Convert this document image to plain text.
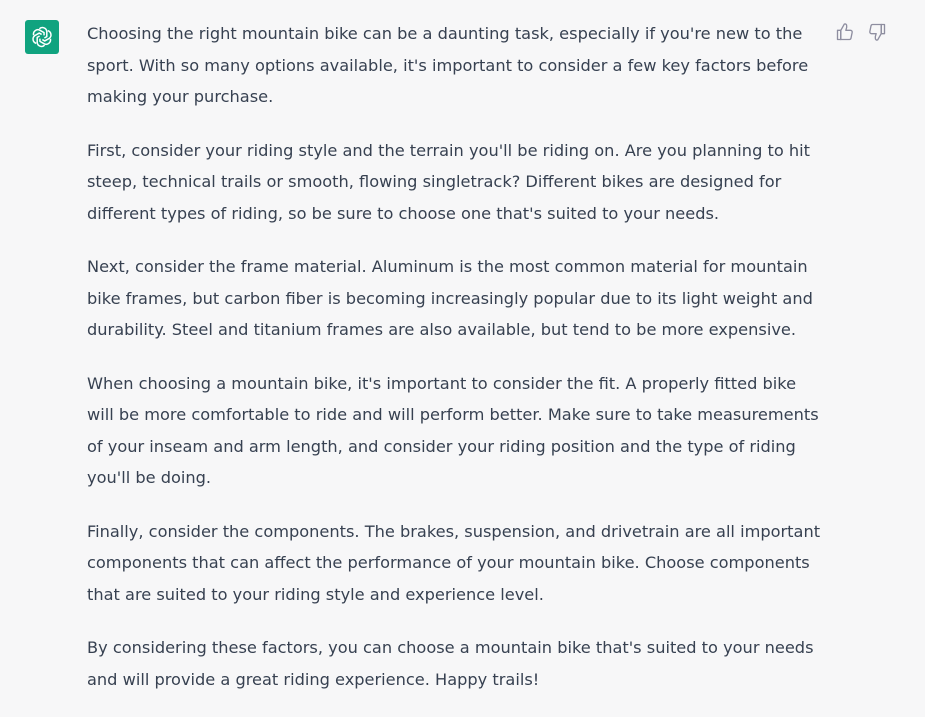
Choosing the right mountain bike can be a daunting task, especially if you're new to the sport. With so many options available, it's important to consider a few key factors before making your purchase.

First, consider your riding style and the terrain you'll be riding on. Are you planning to hit steep, technical trails or smooth, flowing singletrack? Different bikes are designed for different types of riding, so be sure to choose one that's suited to your needs.

Next, consider the frame material. Aluminum is the most common material for mountain bike frames, but carbon fiber is becoming increasingly popular due to its light weight and durability. Steel and titanium frames are also available, but tend to be more expensive.

When choosing a mountain bike, it's important to consider the fit. A properly fitted bike will be more comfortable to ride and will perform better. Make sure to take measurements of your inseam and arm length, and consider your riding position and the type of riding you'll be doing.

Finally, consider the components. The brakes, suspension, and drivetrain are all important components that can affect the performance of your mountain bike. Choose components that are suited to your riding style and experience level.

By considering these factors, you can choose a mountain bike that's suited to your needs and will provide a great riding experience. Happy trails!
